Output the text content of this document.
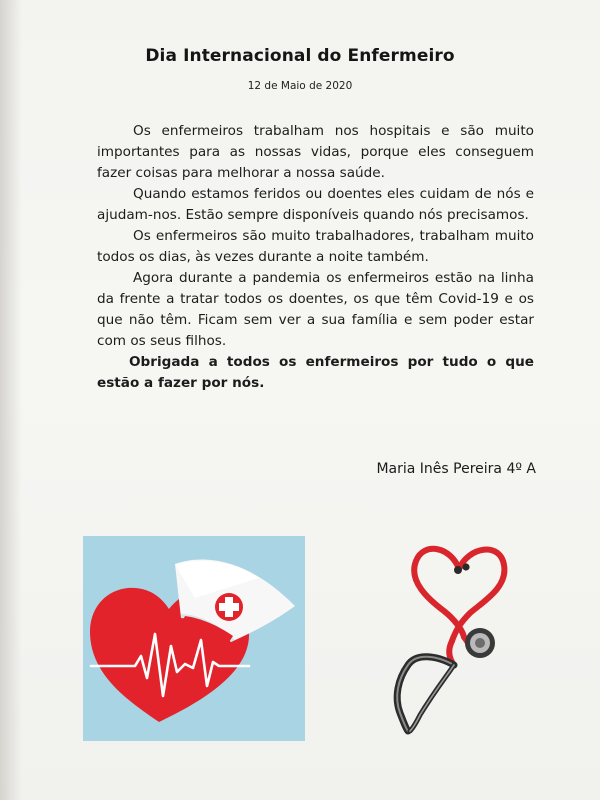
Dia Internacional do Enfermeiro
12 de Maio de 2020

Os enfermeiros trabalham nos hospitais e são muito importantes para as nossas vidas, porque eles conseguem fazer coisas para melhorar a nossa saúde.

Quando estamos feridos ou doentes eles cuidam de nós e ajudam-nos. Estão sempre disponíveis quando nós precisamos.

Os enfermeiros são muito trabalhadores, trabalham muito todos os dias, às vezes durante a noite também.

Agora durante a pandemia os enfermeiros estão na linha da frente a tratar todos os doentes, os que têm Covid-19 e os que não têm. Ficam sem ver a sua família e sem poder estar com os seus filhos.

Obrigada a todos os enfermeiros por tudo o que estão a fazer por nós.

Maria Inês Pereira 4º A
